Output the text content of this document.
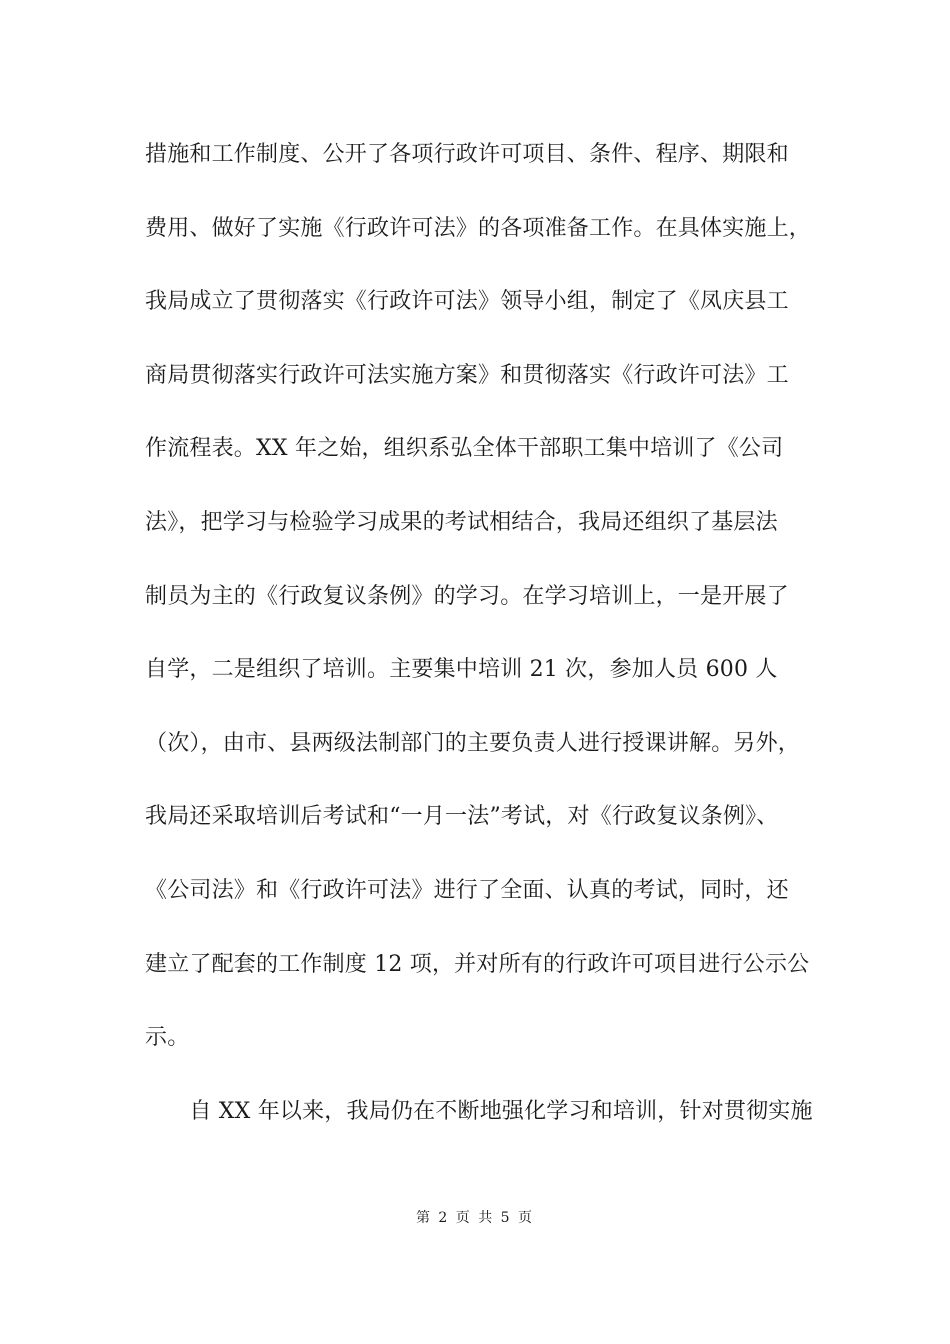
措施和工作制度、公开了各项行政许可项目、条件、程序、期限和
费用、做好了实施《行政许可法》的各项准备工作。在具体实施上，
我局成立了贯彻落实《行政许可法》领导小组，制定了《凤庆县工
商局贯彻落实行政许可法实施方案》和贯彻落实《行政许可法》工
作流程表。XX 年之始，组织系弘全体干部职工集中培训了《公司
法》，把学习与检验学习成果的考试相结合，我局还组织了基层法
制员为主的《行政复议条例》的学习。在学习培训上，一是开展了
自学，二是组织了培训。主要集中培训 21 次，参加人员 600 人
（次），由市、县两级法制部门的主要负责人进行授课讲解。另外，
我局还采取培训后考试和“一月一法”考试，对《行政复议条例》、
《公司法》和《行政许可法》进行了全面、认真的考试，同时，还
建立了配套的工作制度 12 项，并对所有的行政许可项目进行公示公
示。
　　自 XX 年以来，我局仍在不断地强化学习和培训，针对贯彻实施
第 2 页 共 5 页
